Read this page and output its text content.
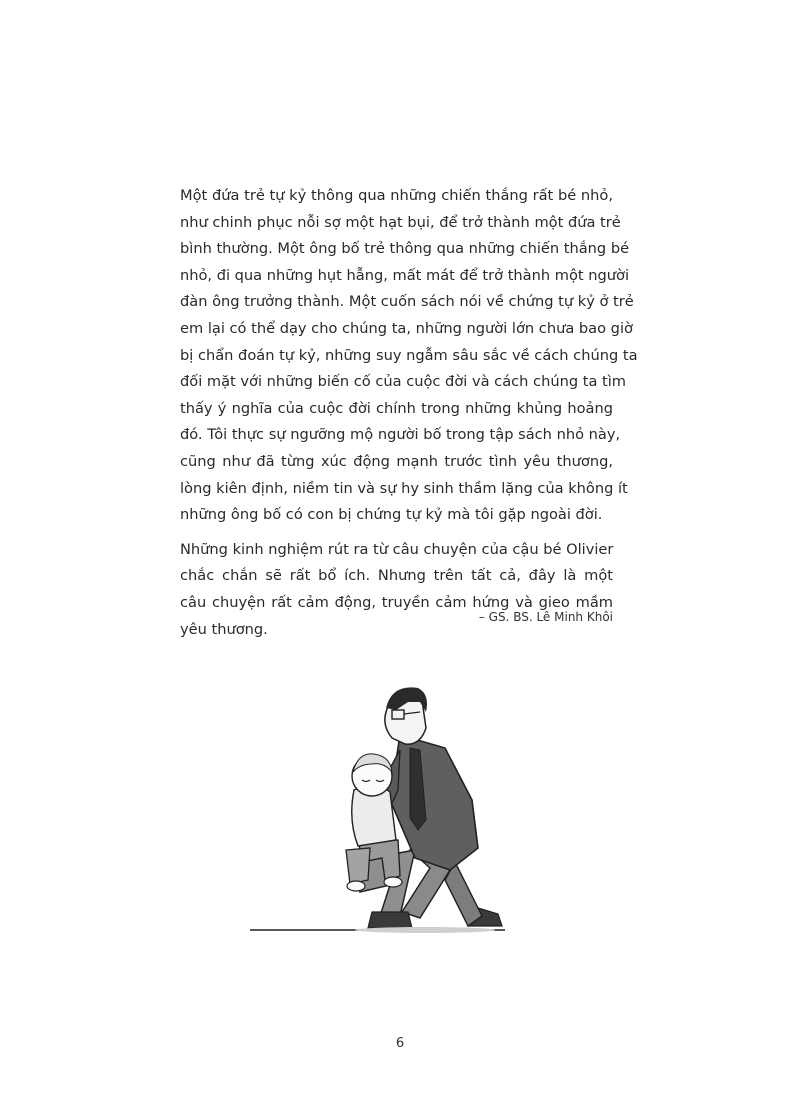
Một đứa trẻ tự kỷ thông qua những chiến thắng rất bé nhỏ,
như chinh phục nỗi sợ một hạt bụi, để trở thành một đứa trẻ
bình thường. Một ông bố trẻ thông qua những chiến thắng bé
nhỏ, đi qua những hụt hẫng, mất mát để trở thành một người
đàn ông trưởng thành. Một cuốn sách nói về chứng tự kỷ ở trẻ
em lại có thể dạy cho chúng ta, những người lớn chưa bao giờ
bị chẩn đoán tự kỷ, những suy ngẫm sâu sắc về cách chúng ta
đối mặt với những biến cố của cuộc đời và cách chúng ta tìm
thấy ý nghĩa của cuộc đời chính trong những khủng hoảng
đó. Tôi thực sự ngưỡng mộ người bố trong tập sách nhỏ này,
cũng như đã từng xúc động mạnh trước tình yêu thương,
lòng kiên định, niềm tin và sự hy sinh thầm lặng của không ít
những ông bố có con bị chứng tự kỷ mà tôi gặp ngoài đời.
Những kinh nghiệm rút ra từ câu chuyện của cậu bé Olivier
chắc chắn sẽ rất bổ ích. Nhưng trên tất cả, đây là một
câu chuyện rất cảm động, truyền cảm hứng và gieo mầm
yêu thương.
– GS. BS. Lê Minh Khôi
6
